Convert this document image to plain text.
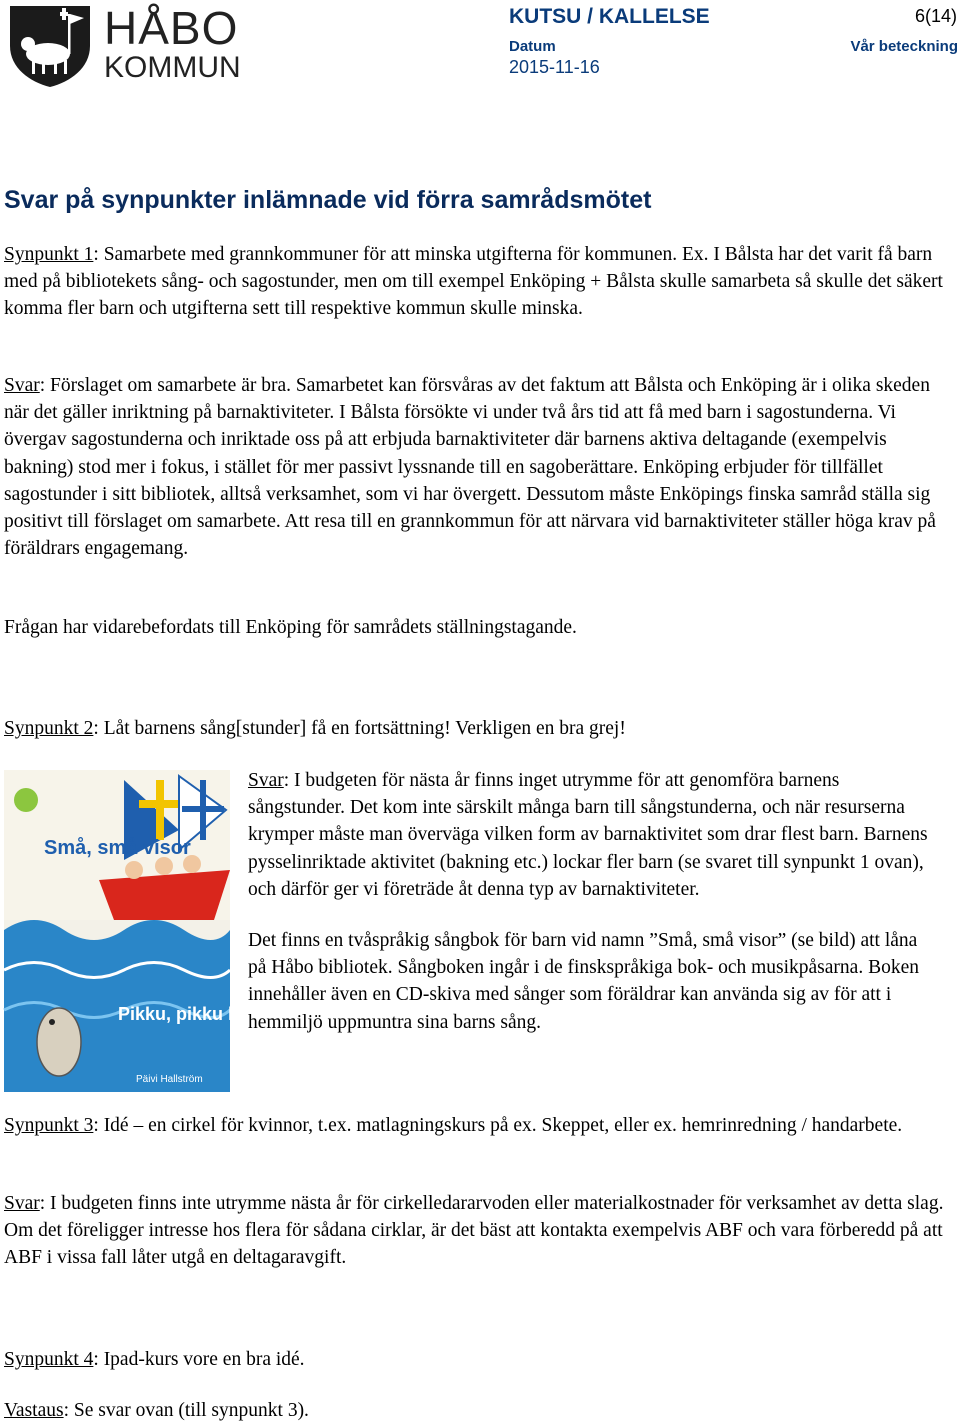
HÅBO
KOMMUN
KUTSU / KALLELSE	6(14)
Datum	Vår beteckning
2015-11-16
Svar på synpunkter inlämnade vid förra samrådsmötet

Synpunkt 1: Samarbete med grannkommuner för att minska utgifterna för kommunen. Ex. I Bålsta har det varit få barn med på bibliotekets sång- och sagostunder, men om till exempel Enköping + Bålsta skulle samarbeta så skulle det säkert komma fler barn och utgifterna sett till respektive kommun skulle minska.

Svar: Förslaget om samarbete är bra. Samarbetet kan försvåras av det faktum att Bålsta och Enköping är i olika skeden när det gäller inriktning på barnaktiviteter. I Bålsta försökte vi under två års tid att få med barn i sagostunderna. Vi övergav sagostunderna och inriktade oss på att erbjuda barnaktiviteter där barnens aktiva deltagande (exempelvis bakning) stod mer i fokus, i stället för mer passivt lyssnande till en sagoberättare. Enköping erbjuder för tillfället sagostunder i sitt bibliotek, alltså verksamhet, som vi har övergett. Dessutom måste Enköpings finska samråd ställa sig positivt till förslaget om samarbete. Att resa till en grannkommun för att närvara vid barnaktiviteter ställer höga krav på föräldrars engagemang.

Frågan har vidarebefordats till Enköping för samrådets ställningstagande.

Synpunkt 2: Låt barnens sång[stunder] få en fortsättning! Verkligen en bra grej!

Små, små visor
Pikku, pikku lauluja
Päivi Hallström

Svar: I budgeten för nästa år finns inget utrymme för att genomföra barnens sångstunder. Det kom inte särskilt många barn till sångstunderna, och när resurserna krymper måste man överväga vilken form av barnaktivitet som drar flest barn. Barnens pysselinriktade aktivitet (bakning etc.) lockar fler barn (se svaret till synpunkt 1 ovan), och därför ger vi företräde åt denna typ av barnaktiviteter.

Det finns en tvåspråkig sångbok för barn vid namn ”Små, små visor” (se bild) att låna på Håbo bibliotek. Sångboken ingår i de finskspråkiga bok- och musikpåsarna. Boken innehåller även en CD-skiva med sånger som föräldrar kan använda sig av för att i hemmiljö uppmuntra sina barns sång.

Synpunkt 3: Idé – en cirkel för kvinnor, t.ex. matlagningskurs på ex. Skeppet, eller ex. hemrinredning / handarbete.

Svar: I budgeten finns inte utrymme nästa år för cirkelledararvoden eller materialkostnader för verksamhet av detta slag. Om det föreligger intresse hos flera för sådana cirklar, är det bäst att kontakta exempelvis ABF och vara förberedd på att ABF i vissa fall låter utgå en deltagaravgift.

Synpunkt 4: Ipad-kurs vore en bra idé.

Vastaus: Se svar ovan (till synpunkt 3).
